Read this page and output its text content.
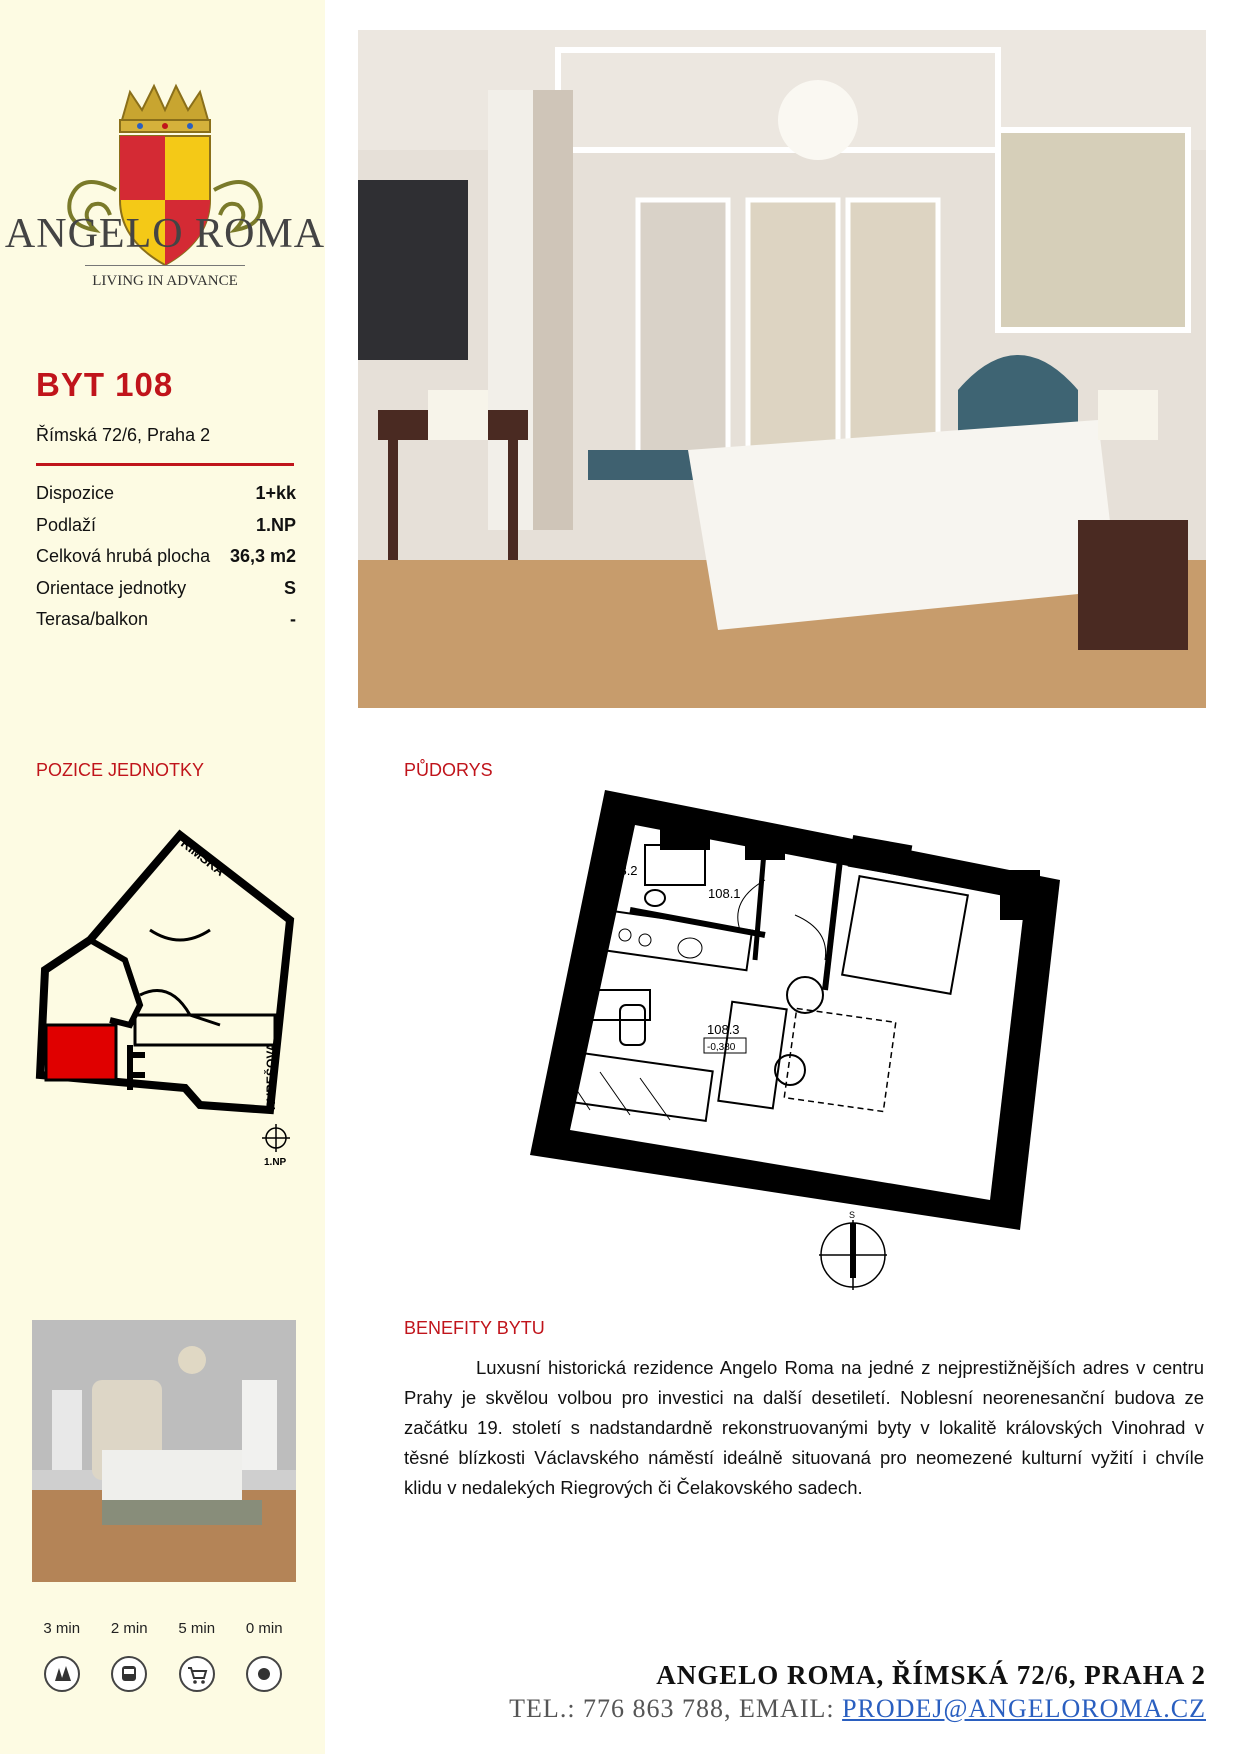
ANGELO ROMA
LIVING IN ADVANCE
BYT 108
Římská 72/6, Praha 2
Dispozice	1+kk
Podlaží	1.NP
Celková hrubá plocha 36,3 m2
Orientace jednotky	S
Terasa/balkon	-
POZICE JEDNOTKY
ŘÍMSKÁ
RUBEŠOVA
1.NP
3 min	2 min	5 min	0 min
PŮDORYS
108.2
108.1
108.3
-0,380
S
BENEFITY BYTU
Luxusní historická rezidence Angelo Roma na jedné z nejprestižnějších adres v centru Prahy je skvělou volbou pro investici na další desetiletí. Noblesní neorenesanční budova ze začátku 19. století s nadstandardně rekonstruovanými byty v lokalitě královských Vinohrad v těsné blízkosti Václavského náměstí ideálně situovaná pro neomezené kulturní vyžití i chvíle klidu v nedalekých Riegrových či Čelakovského sadech.
ANGELO ROMA, ŘÍMSKÁ 72/6, PRAHA 2
TEL.: 776 863 788, EMAIL: PRODEJ@ANGELOROMA.CZ
